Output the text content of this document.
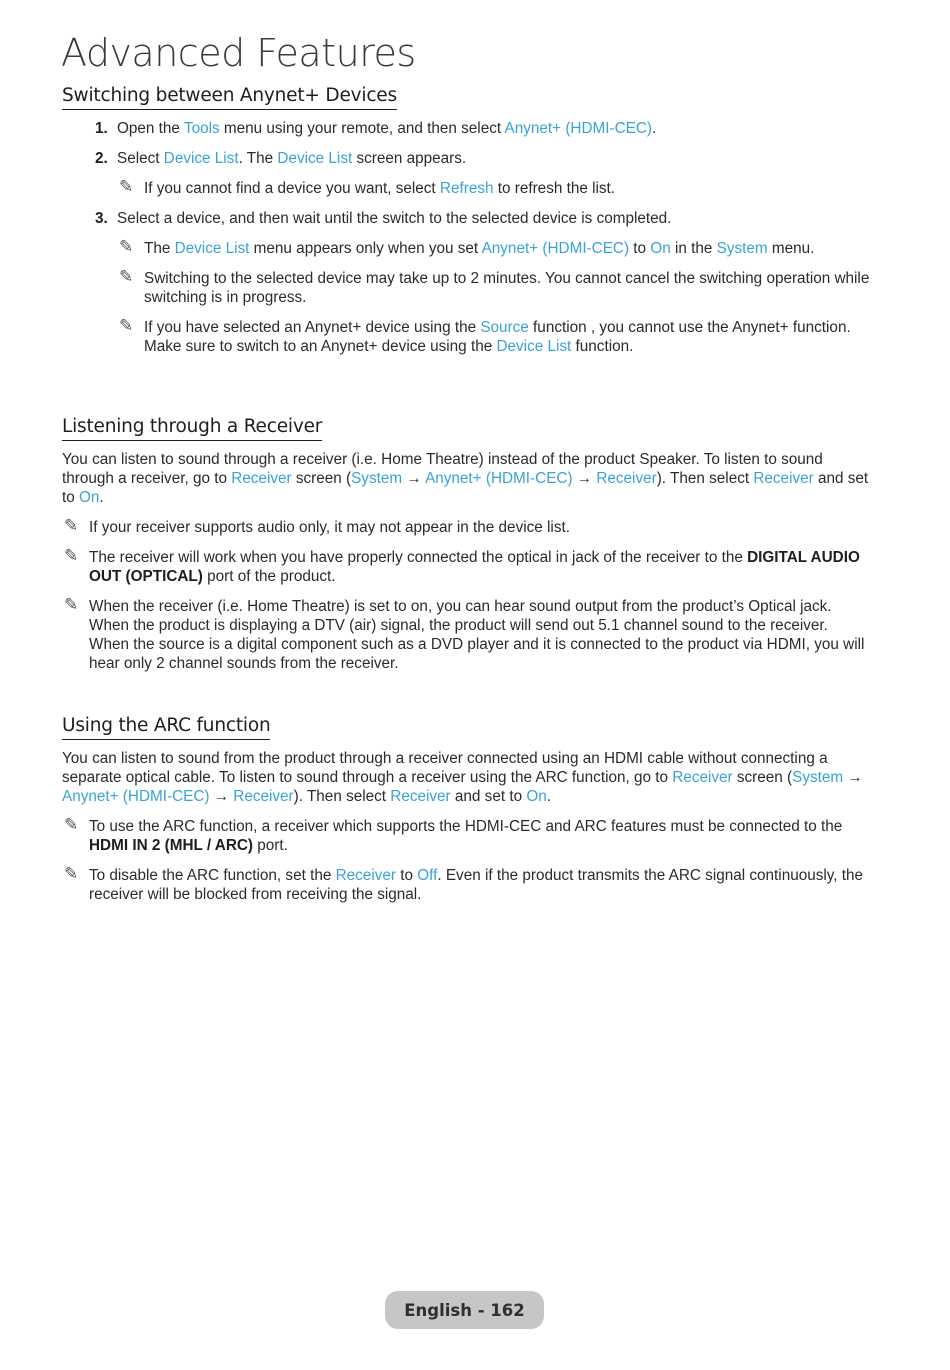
Advanced Features
Switching between Anynet+ Devices

1. Open the Tools menu using your remote, and then select Anynet+ (HDMI-CEC).

2. Select Device List. The Device List screen appears.

✎ If you cannot find a device you want, select Refresh to refresh the list.

3. Select a device, and then wait until the switch to the selected device is completed.

✎ The Device List menu appears only when you set Anynet+ (HDMI-CEC) to On in the System menu.

✎ Switching to the selected device may take up to 2 minutes. You cannot cancel the switching operation while switching is in progress.

✎ If you have selected an Anynet+ device using the Source function , you cannot use the Anynet+ function. Make sure to switch to an Anynet+ device using the Device List function.

Listening through a Receiver

You can listen to sound through a receiver (i.e. Home Theatre) instead of the product Speaker. To listen to sound through a receiver, go to Receiver screen (System → Anynet+ (HDMI-CEC) → Receiver). Then select Receiver and set to On.

✎ If your receiver supports audio only, it may not appear in the device list.

✎ The receiver will work when you have properly connected the optical in jack of the receiver to the DIGITAL AUDIO OUT (OPTICAL) port of the product.

✎ When the receiver (i.e. Home Theatre) is set to on, you can hear sound output from the product’s Optical jack. When the product is displaying a DTV (air) signal, the product will send out 5.1 channel sound to the receiver. When the source is a digital component such as a DVD player and it is connected to the product via HDMI, you will hear only 2 channel sounds from the receiver.

Using the ARC function

You can listen to sound from the product through a receiver connected using an HDMI cable without connecting a separate optical cable. To listen to sound through a receiver using the ARC function, go to Receiver screen (System → Anynet+ (HDMI-CEC) → Receiver). Then select Receiver and set to On.

✎ To use the ARC function, a receiver which supports the HDMI-CEC and ARC features must be connected to the HDMI IN 2 (MHL / ARC) port.

✎ To disable the ARC function, set the Receiver to Off. Even if the product transmits the ARC signal continuously, the receiver will be blocked from receiving the signal.

English - 162
